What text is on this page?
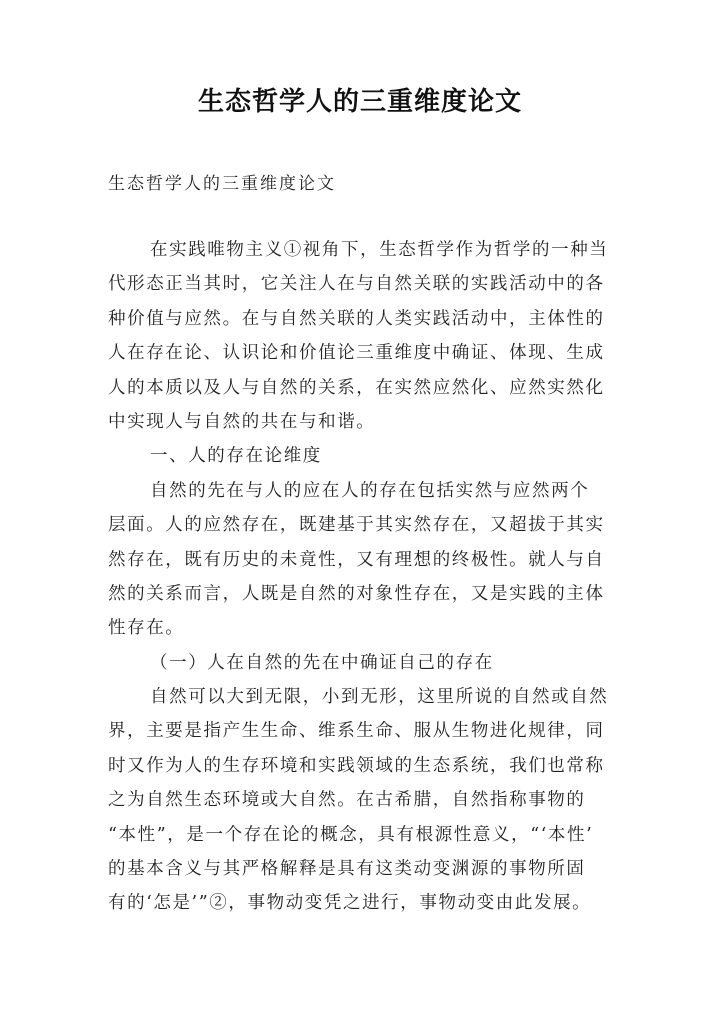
生态哲学人的三重维度论文
生态哲学人的三重维度论文
在实践唯物主义①视角下，生态哲学作为哲学的一种当
代形态正当其时，它关注人在与自然关联的实践活动中的各
种价值与应然。在与自然关联的人类实践活动中，主体性的
人在存在论、认识论和价值论三重维度中确证、体现、生成
人的本质以及人与自然的关系，在实然应然化、应然实然化
中实现人与自然的共在与和谐。
一、人的存在论维度
自然的先在与人的应在人的存在包括实然与应然两个
层面。人的应然存在，既建基于其实然存在，又超拔于其实
然存在，既有历史的未竟性，又有理想的终极性。就人与自
然的关系而言，人既是自然的对象性存在，又是实践的主体
性存在。
（一）人在自然的先在中确证自己的存在
自然可以大到无限，小到无形，这里所说的自然或自然
界，主要是指产生生命、维系生命、服从生物进化规律，同
时又作为人的生存环境和实践领域的生态系统，我们也常称
之为自然生态环境或大自然。在古希腊，自然指称事物的
“本性”，是一个存在论的概念，具有根源性意义，“‘本性’
的基本含义与其严格解释是具有这类动变渊源的事物所固
有的‘怎是’”②，事物动变凭之进行，事物动变由此发展。
